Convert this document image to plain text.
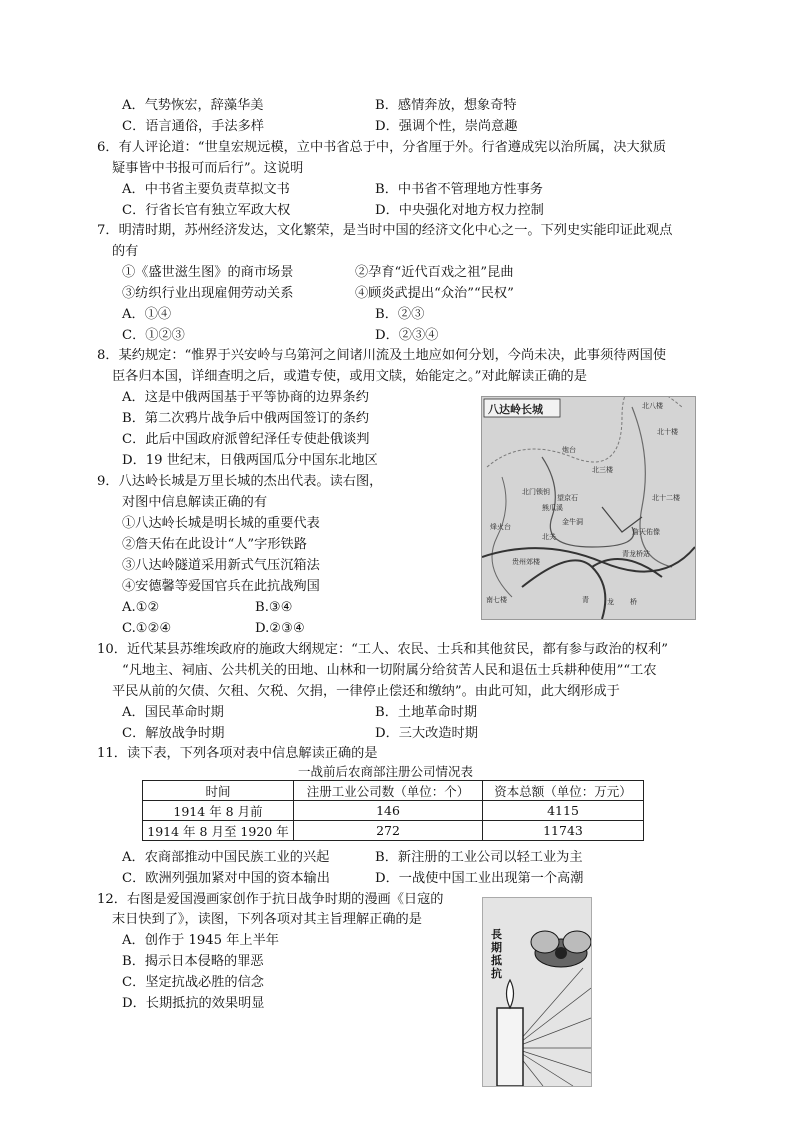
A．气势恢宏，辞藻华美	B．感情奔放，想象奇特
C．语言通俗，手法多样	D．强调个性，崇尚意趣
6．有人评论道：“世皇宏规远模，立中书省总于中，分省厘于外。行省遵成宪以治所属，决大狱质
疑事皆中书报可而后行”。这说明
A．中书省主要负责草拟文书	B．中书省不管理地方性事务
C．行省长官有独立军政大权	D．中央强化对地方权力控制
7．明清时期，苏州经济发达，文化繁荣，是当时中国的经济文化中心之一。下列史实能印证此观点
的有
①《盛世滋生图》的商市场景	②孕育“近代百戏之祖”昆曲
③纺织行业出现雇佣劳动关系	④顾炎武提出“众治”“民权”
A．①④	B．②③
C．①②③	D．②③④
8．某约规定：“惟界于兴安岭与乌第河之间诸川流及土地应如何分划，今尚未决，此事须待两国使
臣各归本国，详细查明之后，或遣专使，或用文牍，始能定之。”对此解读正确的是
A．这是中俄两国基于平等协商的边界条约
B．第二次鸦片战争后中俄两国签订的条约
C．此后中国政府派曾纪泽任专使赴俄谈判
D．19 世纪末，日俄两国瓜分中国东北地区
9．八达岭长城是万里长城的杰出代表。读右图，
对图中信息解读正确的有
①八达岭长城是明长城的重要代表
②詹天佑在此设计“人”字形铁路
③八达岭隧道采用新式气压沉箱法
④安德馨等爱国官兵在此抗战殉国
A.①②	B.③④
C.①②④	D.②③④
八达岭长城	北八楼
炮台
北十楼
北三楼
北门锁钥
望京石	北十二楼
熊瓜溪
詹天佑像
烽火台
金牛洞
青龙桥站
北关
贵州郊楼
南七楼	青	龙 桥
10．近代某县苏维埃政府的施政大纲规定：“工人、农民、士兵和其他贫民，都有参与政治的权利”
“凡地主、祠庙、公共机关的田地、山林和一切附属分给贫苦人民和退伍士兵耕种使用”“工农
平民从前的欠债、欠租、欠税、欠捐，一律停止偿还和缴纳”。由此可知，此大纲形成于
A．国民革命时期	B．土地革命时期
C．解放战争时期	D．三大改造时期
11．读下表，下列各项对表中信息解读正确的是
一战前后农商部注册公司情况表
时间	注册工业公司数（单位：个）	资本总额（单位：万元）
1914 年 8 月前	146	4115
1914 年 8 月至 1920 年	272	11743
A．农商部推动中国民族工业的兴起	B．新注册的工业公司以轻工业为主
C．欧洲列强加紧对中国的资本输出	D．一战使中国工业出现第一个高潮
12．右图是爱国漫画家创作于抗日战争时期的漫画《日寇的
末日快到了》，读图，下列各项对其主旨理解正确的是
A．创作于 1945 年上半年
B．揭示日本侵略的罪恶
C．坚定抗战必胜的信念
D．长期抵抗的效果明显
長期抵抗
